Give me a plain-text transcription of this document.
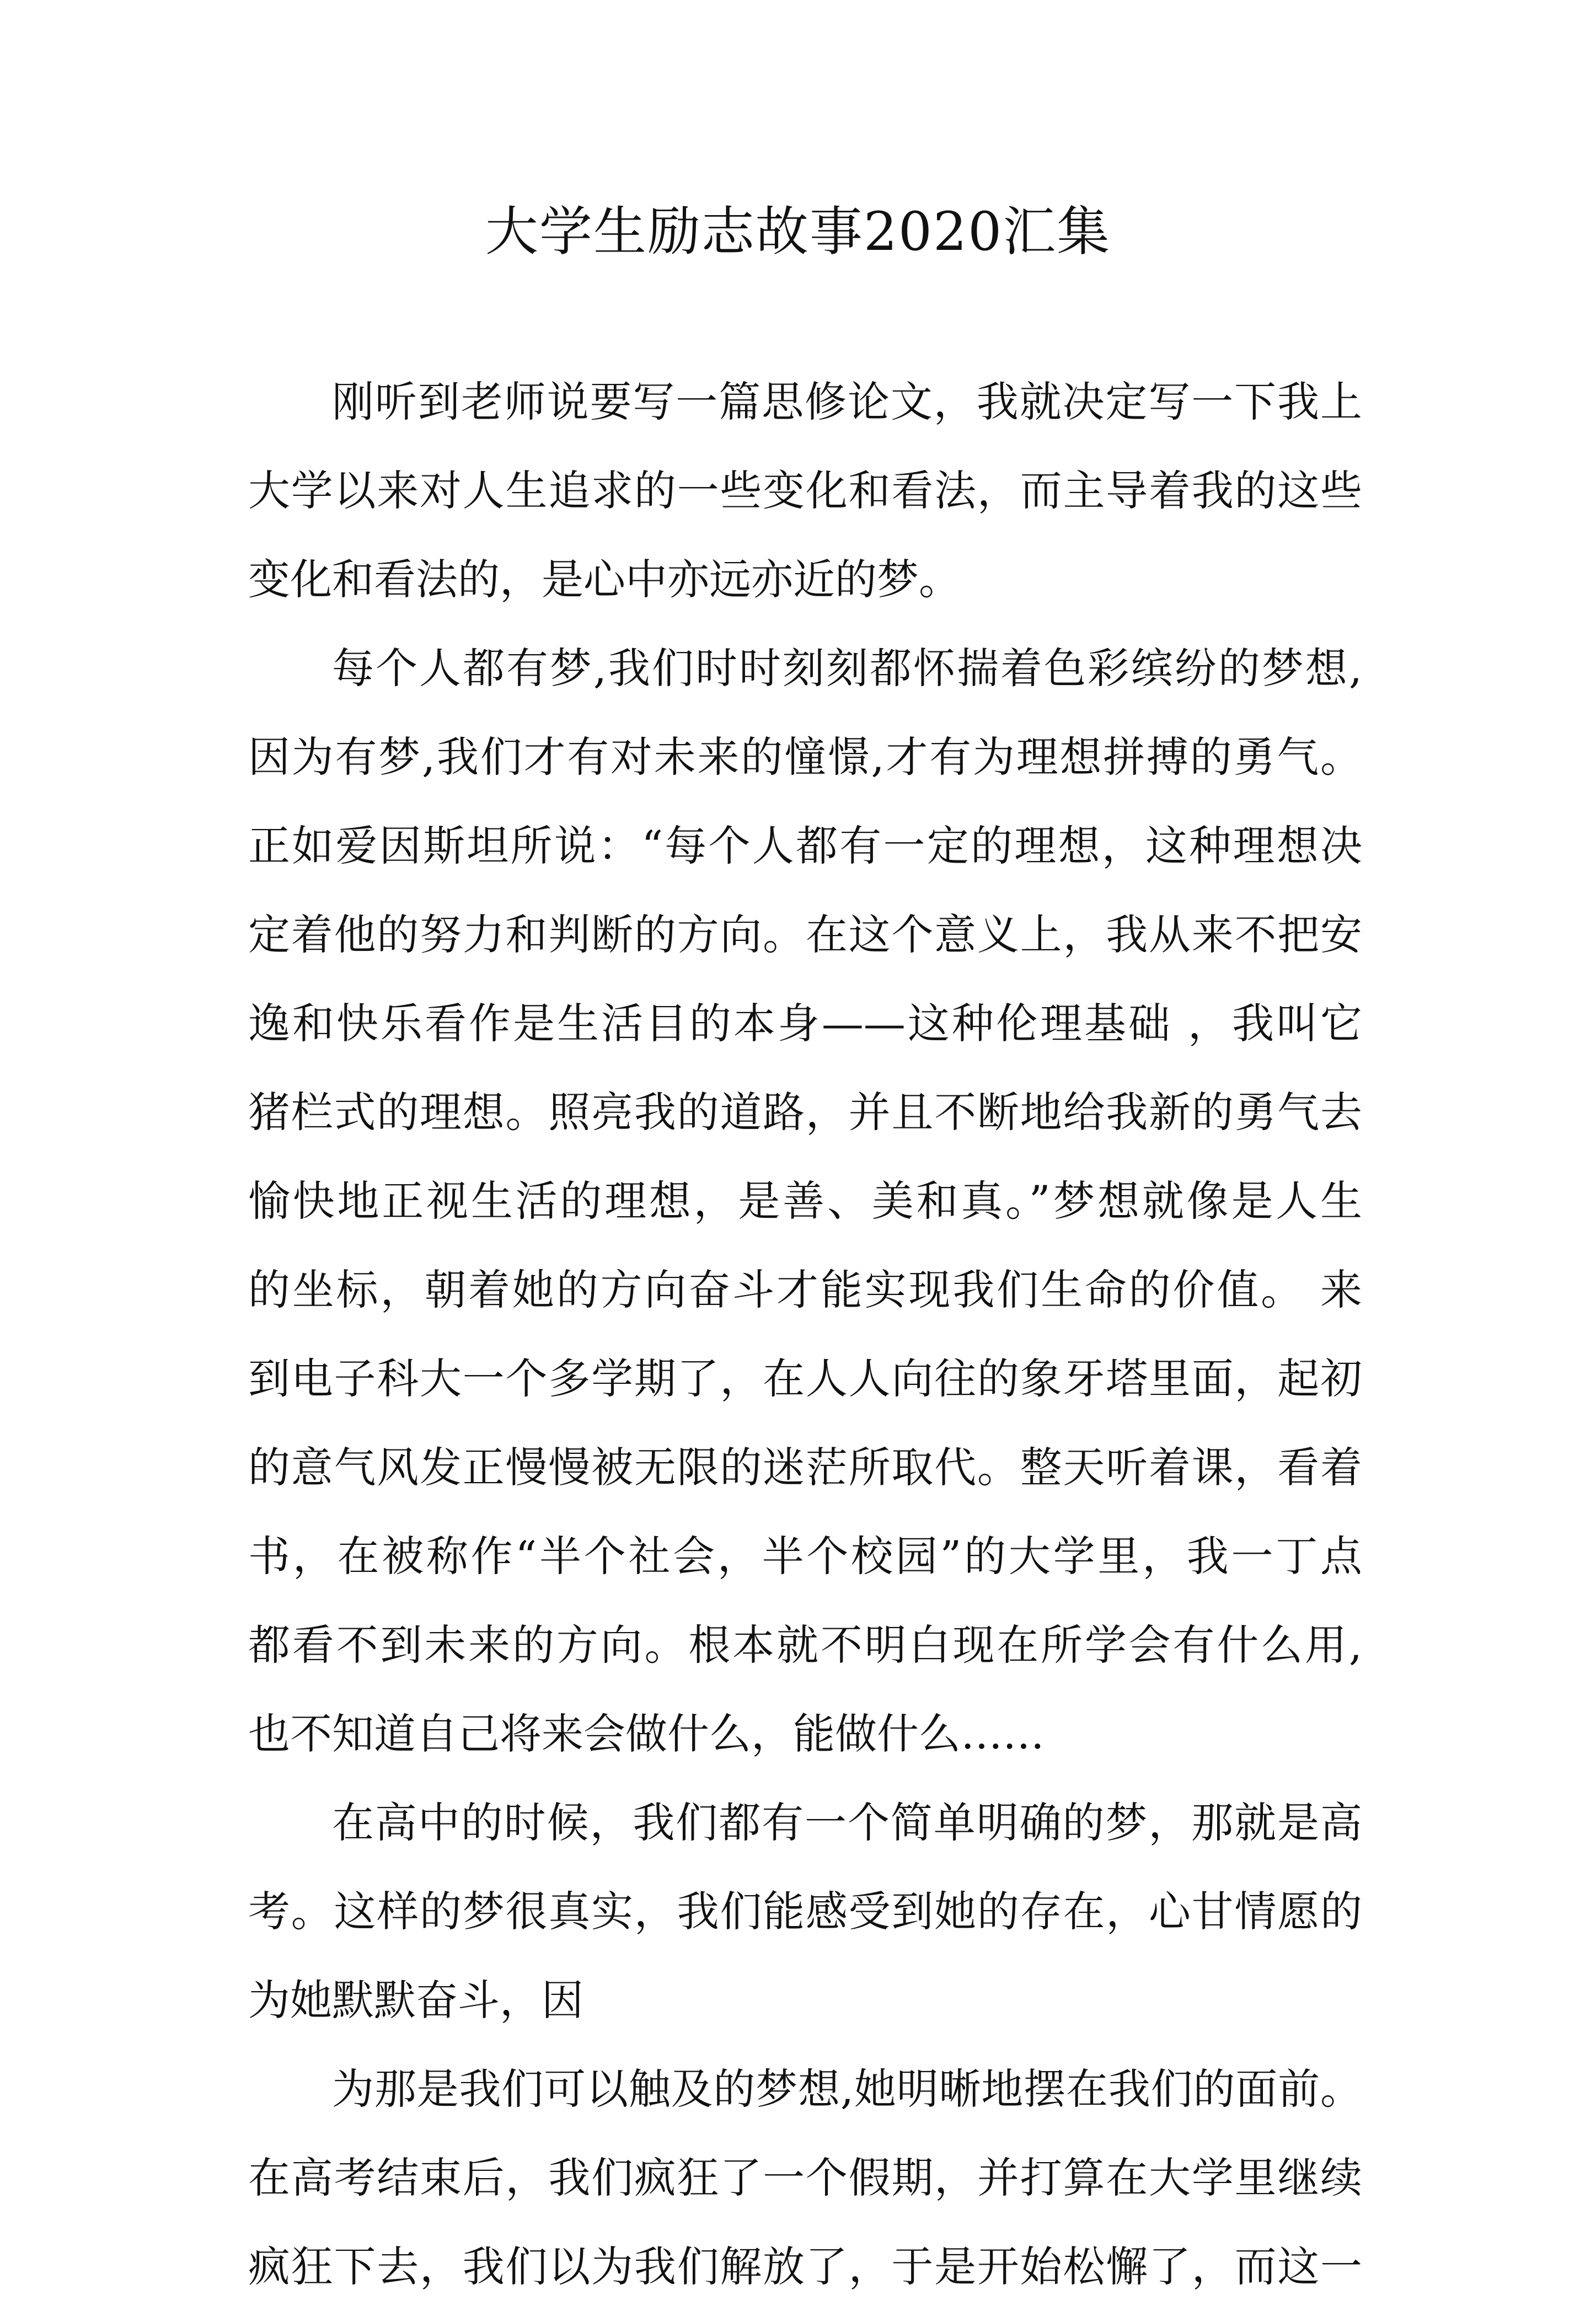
大学生励志故事2020汇集
刚听到老师说要写一篇思修论文，我就决定写一下我上
大学以来对人生追求的一些变化和看法，而主导着我的这些
变化和看法的，是心中亦远亦近的梦。
每个人都有梦,我们时时刻刻都怀揣着色彩缤纷的梦想,
因为有梦,我们才有对未来的憧憬,才有为理想拼搏的勇气。
正如爱因斯坦所说：“每个人都有一定的理想，这种理想决
定着他的努力和判断的方向。在这个意义上，我从来不把安
逸和快乐看作是生活目的本身——这种伦理基础 ，我叫它
猪栏式的理想。照亮我的道路，并且不断地给我新的勇气去
愉快地正视生活的理想，是善、美和真。”梦想就像是人生
的坐标，朝着她的方向奋斗才能实现我们生命的价值。 来
到电子科大一个多学期了，在人人向往的象牙塔里面，起初
的意气风发正慢慢被无限的迷茫所取代。整天听着课，看着
书，在被称作“半个社会，半个校园”的大学里，我一丁点
都看不到未来的方向。根本就不明白现在所学会有什么用,
也不知道自己将来会做什么，能做什么……
在高中的时候，我们都有一个简单明确的梦，那就是高
考。这样的梦很真实，我们能感受到她的存在，心甘情愿的
为她默默奋斗，因
为那是我们可以触及的梦想,她明晰地摆在我们的面前。
在高考结束后，我们疯狂了一个假期，并打算在大学里继续
疯狂下去，我们以为我们解放了，于是开始松懈了，而这一
